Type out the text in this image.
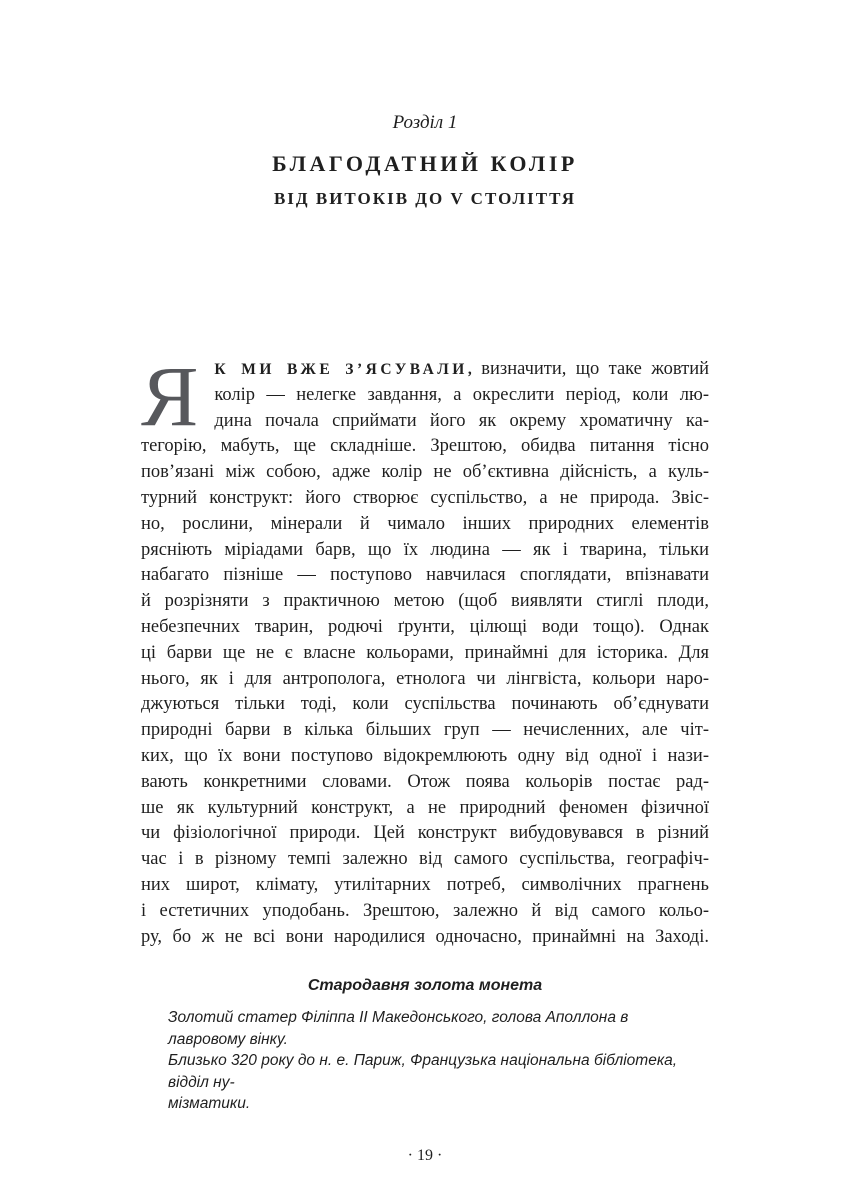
Розділ 1
БЛАГОДАТНИЙ КОЛІР
ВІД ВИТОКІВ ДО V СТОЛІТТЯ
Я К МИ ВЖЕ З’ЯСУВАЛИ, визначити, що таке жовтий
колір — нелегке завдання, а окреслити період, коли лю-
дина почала сприймати його як окрему хроматичну ка-
тегорію, мабуть, ще складніше. Зрештою, обидва питання тісно
пов’язані між собою, адже колір не об’єктивна дійсність, а куль-
турний конструкт: його створює суспільство, а не природа. Звіс-
но, рослини, мінерали й чимало інших природних елементів
рясніють міріадами барв, що їх людина — як і тварина, тільки
набагато пізніше — поступово навчилася споглядати, впізнавати
й розрізняти з практичною метою (щоб виявляти стиглі плоди,
небезпечних тварин, родючі ґрунти, цілющі води тощо). Однак
ці барви ще не є власне кольорами, принаймні для історика. Для
нього, як і для антрополога, етнолога чи лінгвіста, кольори наро-
джуються тільки тоді, коли суспільства починають об’єднувати
природні барви в кілька більших груп — нечисленних, але чіт-
ких, що їх вони поступово відокремлюють одну від одної і нази-
вають конкретними словами. Отож поява кольорів постає рад-
ше як культурний конструкт, а не природний феномен фізичної
чи фізіологічної природи. Цей конструкт вибудовувався в різний
час і в різному темпі залежно від самого суспільства, географіч-
них широт, клімату, утилітарних потреб, символічних прагнень
і естетичних уподобань. Зрештою, залежно й від самого кольо-
ру, бо ж не всі вони народилися одночасно, принаймні на Заході.
Стародавня золота монета
Золотий статер Філіппа II Македонського, голова Аполлона в лавровому вінку.
Близько 320 року до н. е. Париж, Французька національна бібліотека, відділ ну-
мізматики.
· 19 ·
